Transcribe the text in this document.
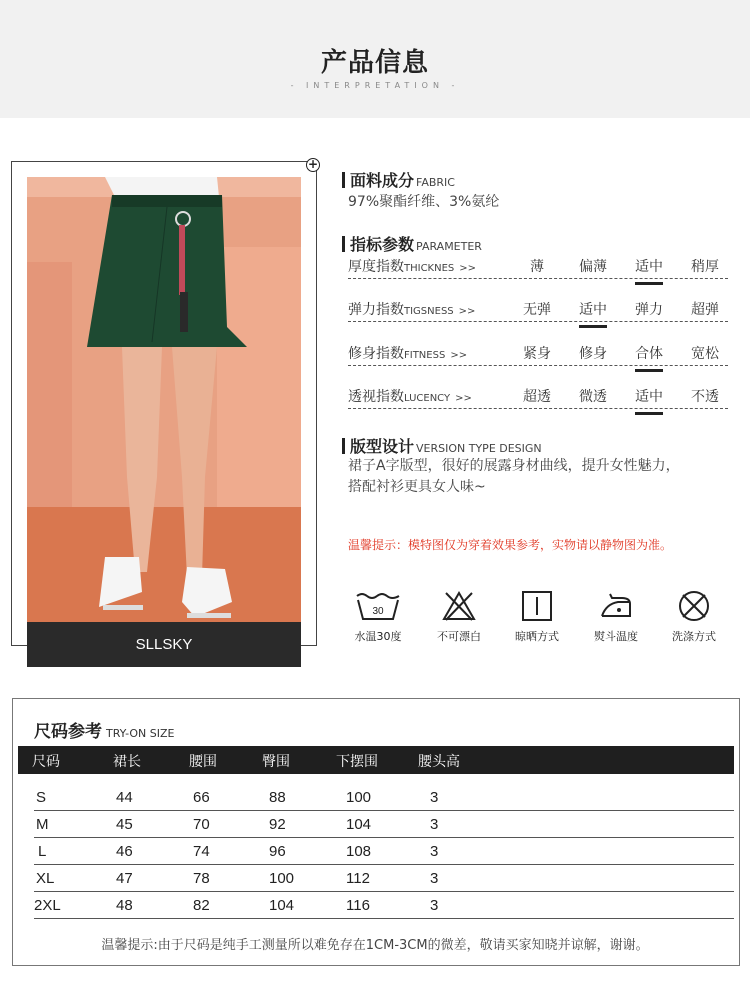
产品信息
- INTERPRETATION -
+
SLLSKY
面料成分 FABRIC
97%聚酯纤维、3%氨纶
指标参数 PARAMETER
厚度指数THICKNES >>	薄	偏薄	适中	稍厚
弹力指数TIGSNESS >>	无弹	适中	弹力	超弹
修身指数FITNESS >>	紧身	修身	合体	宽松
透视指数LUCENCY >>	超透	微透	适中	不透
版型设计 VERSION TYPE DESIGN
裙子A字版型，很好的展露身材曲线，提升女性魅力，
搭配衬衫更具女人味~
温馨提示：模特图仅为穿着效果参考，实物请以静物图为准。
30
水温30度	不可漂白	晾晒方式	熨斗温度	洗涤方式
尺码参考 TRY-ON SIZE
尺码	裙长	腰围	臀围	下摆围	腰头高
S	44	66	88	100	3
M	45	70	92	104	3
L	46	74	96	108	3
XL	47	78	100	112	3
2XL	48	82	104	116	3
温馨提示:由于尺码是纯手工测量所以难免存在1CM-3CM的微差，敬请买家知晓并谅解，谢谢。
